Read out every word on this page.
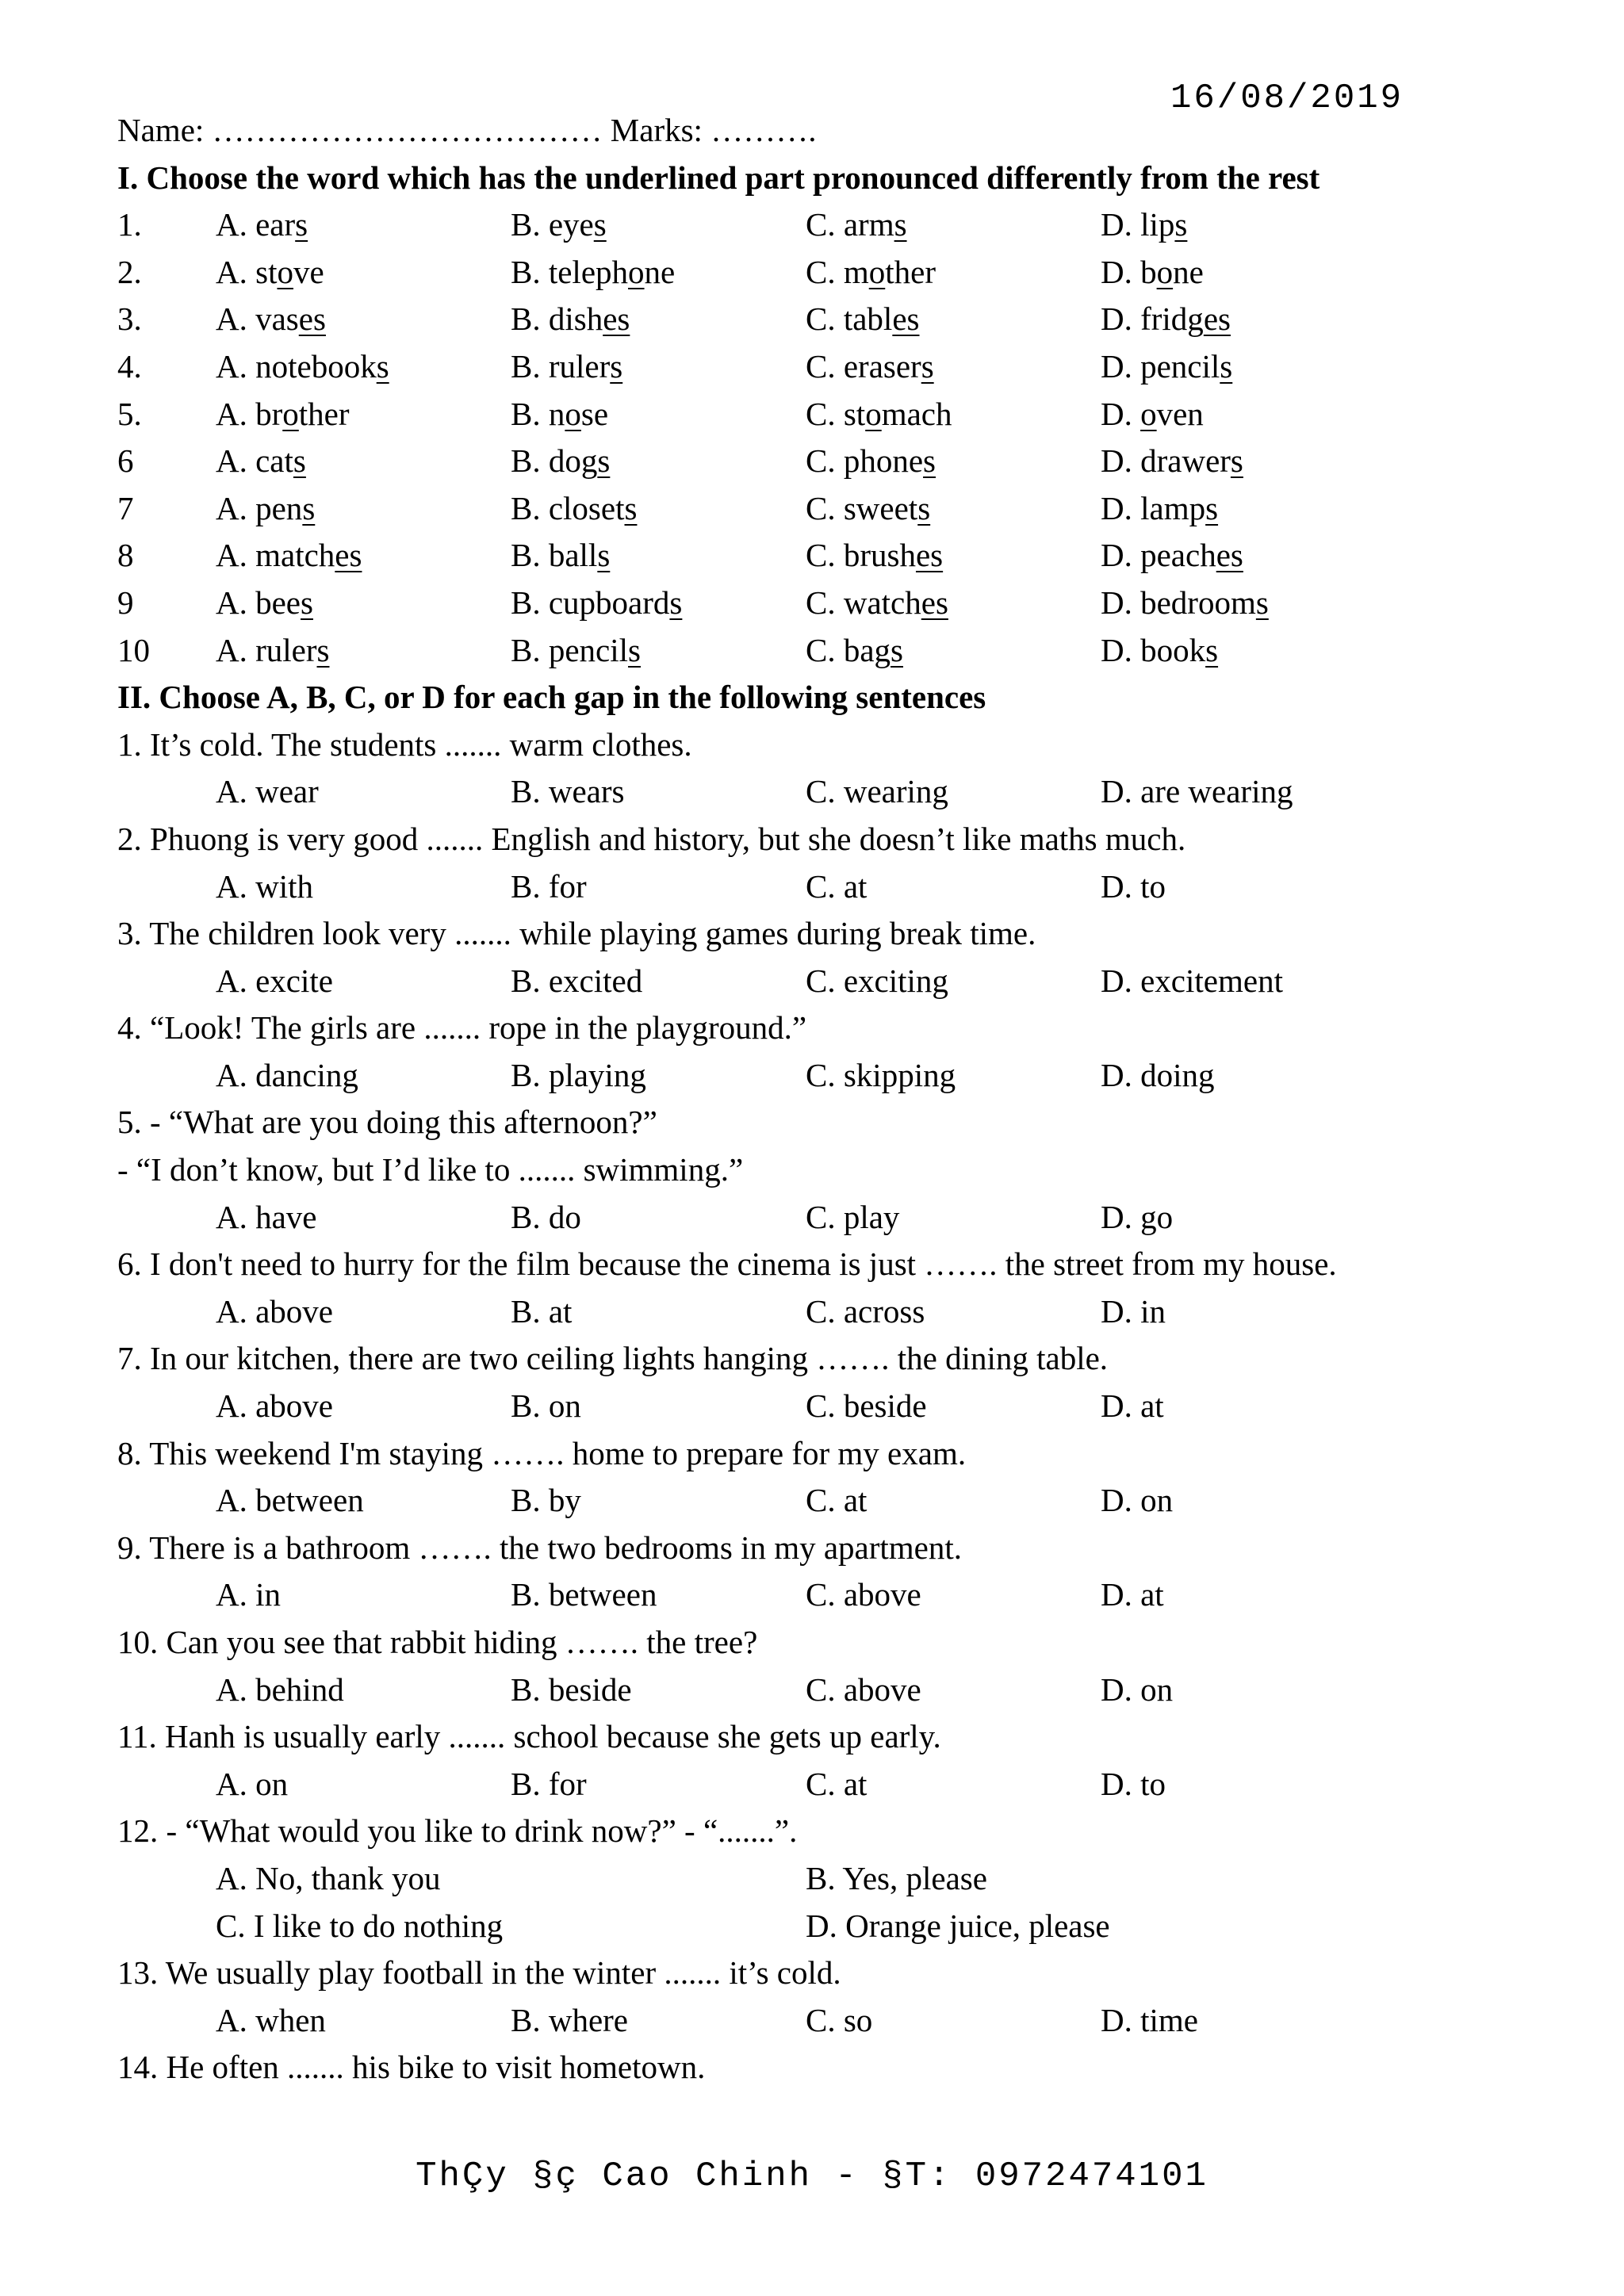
16/08/2019
Name: ……………………………… Marks: ……….
I. Choose the word which has the underlined part pronounced differently from the rest
1. A. ears	B. eyes	C. arms	D. lips
2. A. stove	B. telephone	C. mother	D. bone
3. A. vases	B. dishes	C. tables	D. fridges
4. A. notebooks	B. rulers	C. erasers	D. pencils
5. A. brother	B. nose	C. stomach	D. oven
6	A. cats	B. dogs	C. phones	D. drawers
7	A. pens	B. closets	C. sweets	D. lamps
8	A. matches	B. balls	C. brushes	D. peaches
9	A. bees	B. cupboards	C. watches	D. bedrooms
10 A. rulers	B. pencils	C. bags	D. books
II. Choose A, B, C, or D for each gap in the following sentences
1. It’s cold. The students ....... warm clothes.
A. wear	B. wears	C. wearing	D. are wearing
2. Phuong is very good ....... English and history, but she doesn’t like maths much.
A. with	B. for	C. at	D. to
3. The children look very ....... while playing games during break time.
A. excite	B. excited	C. exciting	D. excitement
4. “Look! The girls are ....... rope in the playground.”
A. dancing	B. playing	C. skipping	D. doing
5. - “What are you doing this afternoon?”
- “I don’t know, but I’d like to ....... swimming.”
A. have	B. do	C. play	D. go
6. I don't need to hurry for the film because the cinema is just ……. the street from my house.
A. above	B. at	C. across	D. in
7. In our kitchen, there are two ceiling lights hanging ……. the dining table.
A. above	B. on	C. beside	D. at
8. This weekend I'm staying ……. home to prepare for my exam.
A. between	B. by	C. at	D. on
9. There is a bathroom ……. the two bedrooms in my apartment.
A. in	B. between	C. above	D. at
10. Can you see that rabbit hiding ……. the tree?
A. behind	B. beside	C. above	D. on
11. Hanh is usually early ....... school because she gets up early.
A. on	B. for	C. at	D. to
12. - “What would you like to drink now?” - “.......”.
A. No, thank you	B. Yes, please
C. I like to do nothing	D. Orange juice, please
13. We usually play football in the winter ....... it’s cold.
A. when	B. where	C. so	D. time
14. He often ....... his bike to visit hometown.
ThÇy §ç Cao Chinh - §T: 0972474101
